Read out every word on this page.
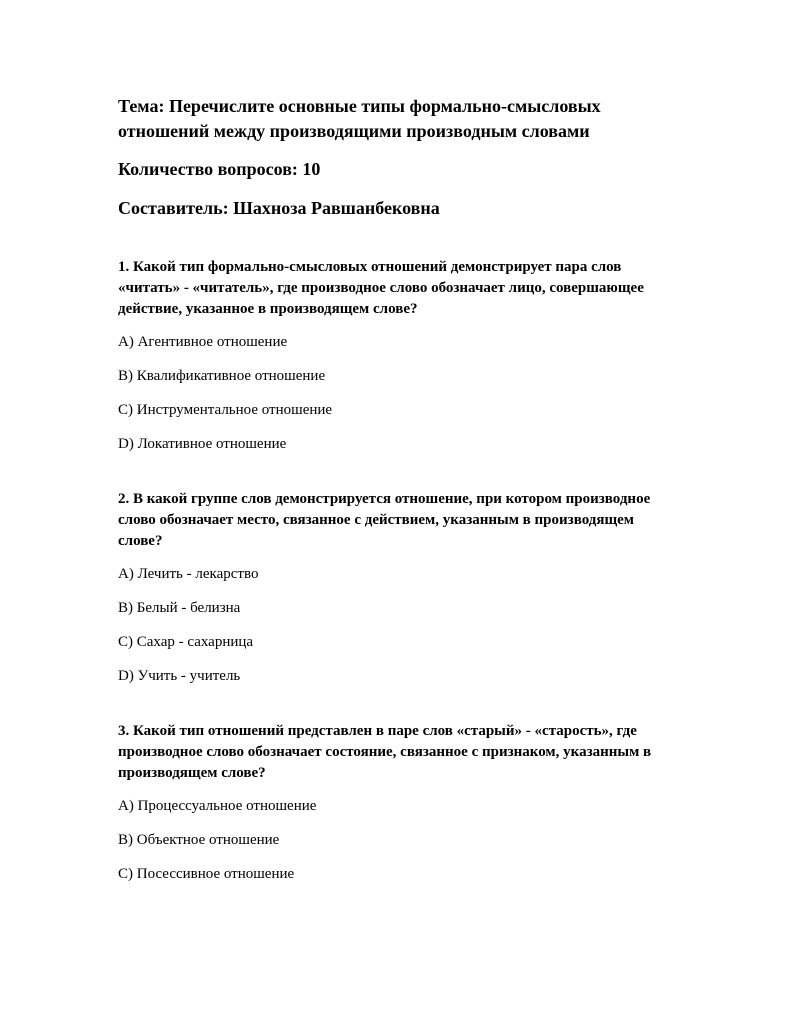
Тема: Перечислите основные типы формально-смысловых
отношений между производящими производным словами
Количество вопросов: 10
Составитель: Шахноза Равшанбековна
1. Какой тип формально-смысловых отношений демонстрирует пара слов
«читать» - «читатель», где производное слово обозначает лицо, совершающее
действие, указанное в производящем слове?
A) Агентивное отношение
B) Квалификативное отношение
C) Инструментальное отношение
D) Локативное отношение
2. В какой группе слов демонстрируется отношение, при котором производное
слово обозначает место, связанное с действием, указанным в производящем
слове?
A) Лечить - лекарство
B) Белый - белизна
C) Сахар - сахарница
D) Учить - учитель
3. Какой тип отношений представлен в паре слов «старый» - «старость», где
производное слово обозначает состояние, связанное с признаком, указанным в
производящем слове?
A) Процессуальное отношение
B) Объектное отношение
C) Посессивное отношение
